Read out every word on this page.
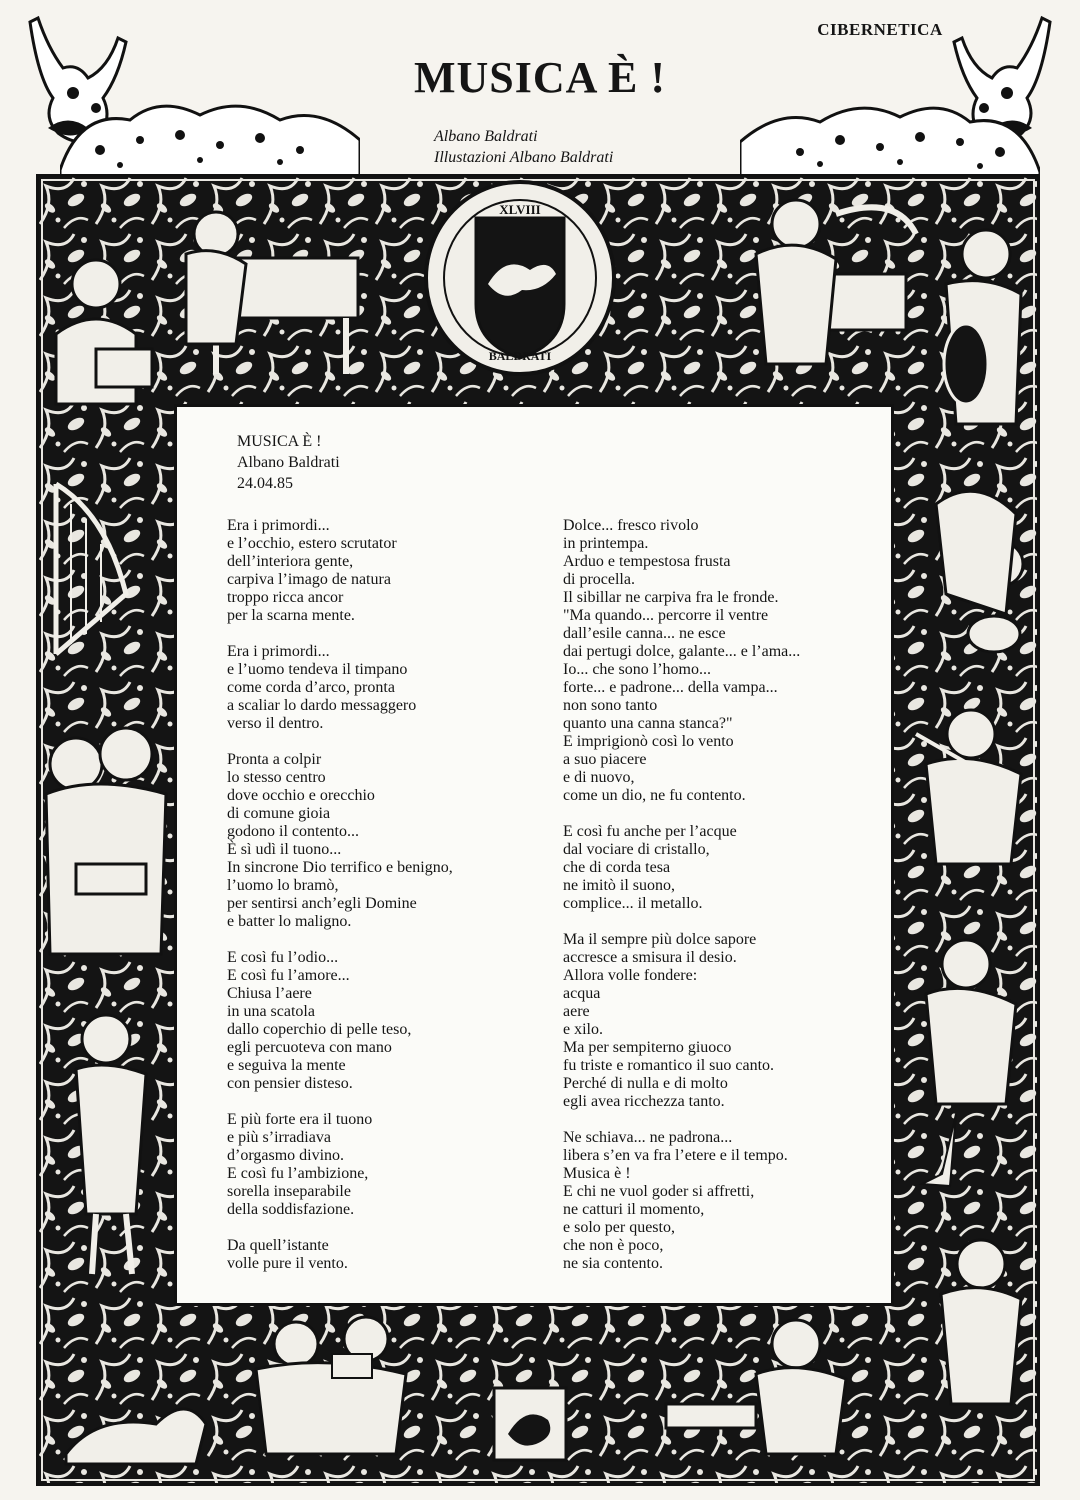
CIBERNETICA
MUSICA È !
Albano Baldrati
Illustazioni Albano Baldrati
XLVIII
BALDRATI
MUSICA È !
Albano Baldrati
24.04.85
Era i primordi...
e l’occhio, estero scrutator
dell’interiora gente,
carpiva l’imago de natura
troppo ricca ancor
per la scarna mente.
Era i primordi...
e l’uomo tendeva il timpano
come corda d’arco, pronta
a scaliar lo dardo messaggero
verso il dentro.
Pronta a colpir
lo stesso centro
dove occhio e orecchio
di comune gioia
godono il contento...
È sì udì il tuono...
In sincrone Dio terrifico e benigno,
l’uomo lo bramò,
per sentirsi anch’egli Domine
e batter lo maligno.
E così fu l’odio...
E così fu l’amore...
Chiusa l’aere
in una scatola
dallo coperchio di pelle teso,
egli percuoteva con mano
e seguiva la mente
con pensier disteso.
E più forte era il tuono
e più s’irradiava
d’orgasmo divino.
E così fu l’ambizione,
sorella inseparabile
della soddisfazione.
Da quell’istante
volle pure il vento.
Dolce... fresco rivolo
in printempa.
Arduo e tempestosa frusta
di procella.
Il sibillar ne carpiva fra le fronde.
"Ma quando... percorre il ventre
dall’esile canna... ne esce
dai pertugi dolce, galante... e l’ama...
Io... che sono l’homo...
forte... e padrone... della vampa...
non sono tanto
quanto una canna stanca?"
E imprigionò così lo vento
a suo piacere
e di nuovo,
come un dio, ne fu contento.
E così fu anche per l’acque
dal vociare di cristallo,
che di corda tesa
ne imitò il suono,
complice... il metallo.
Ma il sempre più dolce sapore
accresce a smisura il desio.
Allora volle fondere:
acqua
aere
e xilo.
Ma per sempiterno giuoco
fu triste e romantico il suo canto.
Perché di nulla e di molto
egli avea ricchezza tanto.
Ne schiava... ne padrona...
libera s’en va fra l’etere e il tempo.
Musica è !
E chi ne vuol goder si affretti,
ne catturi il momento,
e solo per questo,
che non è poco,
ne sia contento.
